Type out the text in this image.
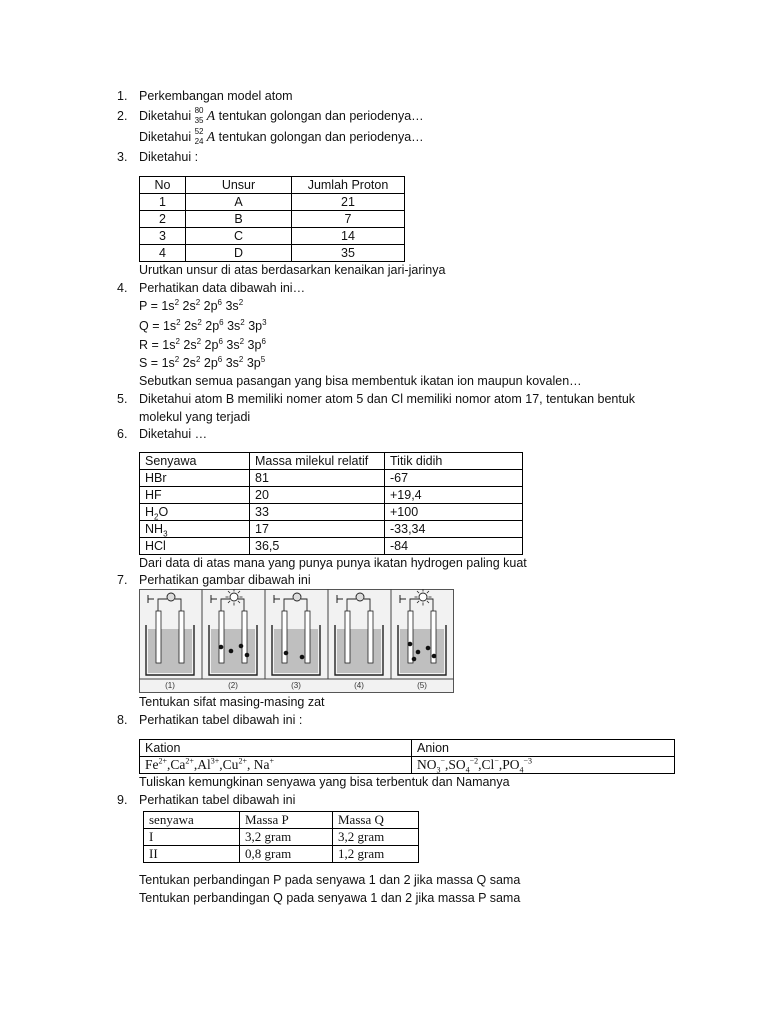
1. Perkembangan model atom
2. Diketahui 80
35 A tentukan golongan dan periodenya…
Diketahui 52
24 A tentukan golongan dan periodenya…
3. Diketahui :
No	Unsur	Jumlah Proton
1	A	21
2	B	7
3	C	14
4	D	35
Urutkan unsur di atas berdasarkan kenaikan jari-jarinya
4. Perhatikan data dibawah ini…
$P = 1s^2$ $2s^2$ $2p^6$ $3s^2$
$Q = 1s^2$ $2s^2$ $2p^6$ $3s^2$ $3p^3$
$R = 1s^2$ $2s^2$ $2p^6$ $3s^2$ $3p^6$
$S = 1s^2$ $2s^2$ $2p^6$ $3s^2$ $3p^5$
Sebutkan semua pasangan yang bisa membentuk ikatan ion maupun kovalen…
5. Diketahui atom B memiliki nomer atom 5 dan Cl memiliki nomor atom 17, tentukan bentuk
molekul yang terjadi
6. Diketahui …
Senyawa	Massa milekul relatif	Titik didih
HBr	81	-67
HF	20	+19,4
$H_2O$	33	+100
$NH_3$	17	-33,34
HCl	36,5	-84
Dari data di atas mana yang punya punya ikatan hydrogen paling kuat
7. Perhatikan gambar dibawah ini
(1)	(2)	(3)	(4)	(5)
Tentukan sifat masing-masing zat
8. Perhatikan tabel dibawah ini :
Kation	Anion
$Fe^{2+},Ca^{2+},Al^{3+},Cu^{2+}$, Na+	$NO_3^-,SO_4^{-2},Cl^-,PO_4^{-3}$
Tuliskan kemungkinan senyawa yang bisa terbentuk dan Namanya
9. Perhatikan tabel dibawah ini
senyawa	Massa P	Massa Q
I	3,2 gram	3,2 gram
II	0,8 gram	1,2 gram
Tentukan perbandingan P pada senyawa 1 dan 2 jika massa Q sama
Tentukan perbandingan Q pada senyawa 1 dan 2 jika massa P sama
